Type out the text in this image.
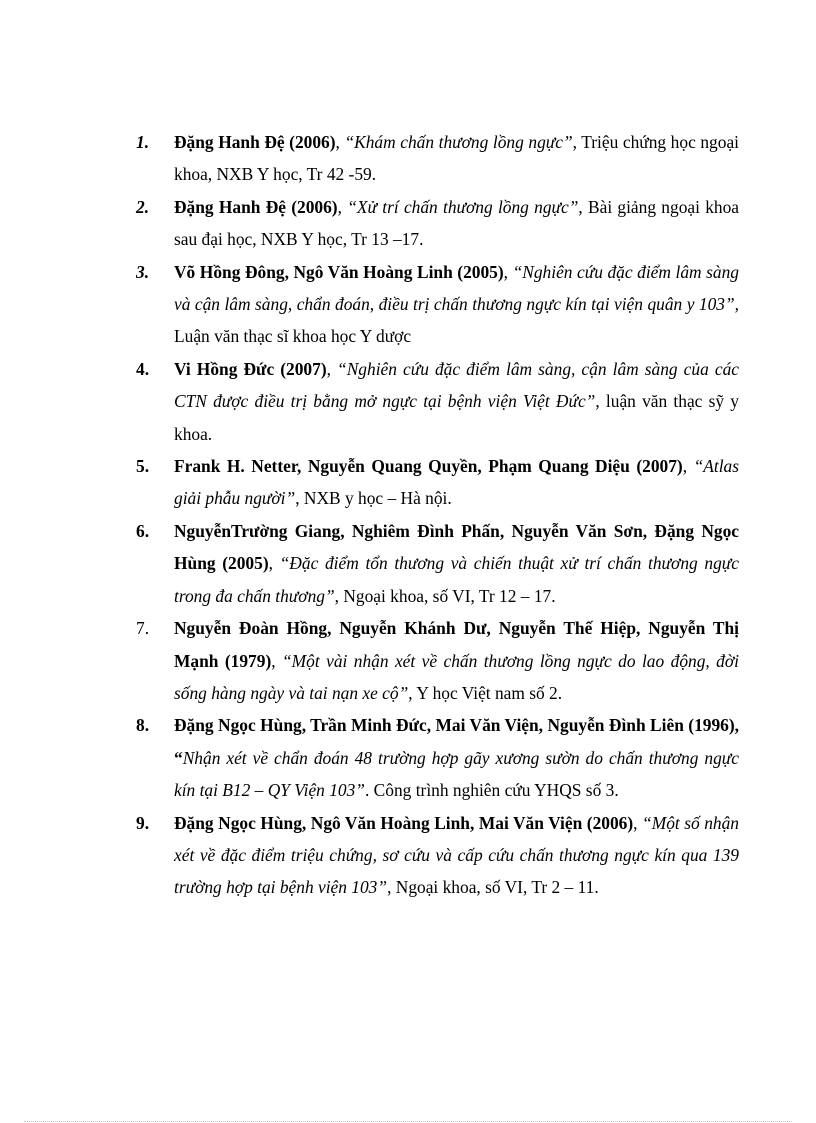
1. Đặng Hanh Đệ (2006), “Khám chấn thương lồng ngực”, Triệu chứng học ngoại khoa, NXB Y học, Tr 42 -59.
2. Đặng Hanh Đệ (2006), “Xử trí chấn thương lồng ngực”, Bài giảng ngoại khoa sau đại học, NXB Y học, Tr 13 –17.
3. Võ Hồng Đông, Ngô Văn Hoàng Linh (2005), “Nghiên cứu đặc điểm lâm sàng và cận lâm sàng, chẩn đoán, điều trị chấn thương ngực kín tại viện quân y 103”, Luận văn thạc sĩ khoa học Y dược
4. Vi Hồng Đức (2007), “Nghiên cứu đặc điểm lâm sàng, cận lâm sàng của các CTN được điều trị bằng mở ngực tại bệnh viện Việt Đức”, luận văn thạc sỹ y khoa.
5. Frank H. Netter, Nguyễn Quang Quyền, Phạm Quang Diệu (2007), “Atlas giải phẫu người”, NXB y học – Hà nội.
6. NguyễnTrường Giang, Nghiêm Đình Phấn, Nguyễn Văn Sơn, Đặng Ngọc Hùng (2005), “Đặc điểm tổn thương và chiến thuật xử trí chấn thương ngực trong đa chấn thương”, Ngoại khoa, số VI, Tr 12 – 17.
7. Nguyễn Đoàn Hồng, Nguyễn Khánh Dư, Nguyễn Thế Hiệp, Nguyễn Thị Mạnh (1979), “Một vài nhận xét về chấn thương lồng ngực do lao động, đời sống hàng ngày và tai nạn xe cộ”, Y học Việt nam số 2.
8. Đặng Ngọc Hùng, Trần Minh Đức, Mai Văn Viện, Nguyễn Đình Liên (1996), “Nhận xét về chẩn đoán 48 trường hợp gãy xương sườn do chấn thương ngực kín tại B12 – QY Viện 103”. Công trình nghiên cứu YHQS số 3.
9. Đặng Ngọc Hùng, Ngô Văn Hoàng Linh, Mai Văn Viện (2006), “Một số nhận xét về đặc điểm triệu chứng, sơ cứu và cấp cứu chấn thương ngực kín qua 139 trường hợp tại bệnh viện 103”, Ngoại khoa, số VI, Tr 2 – 11.
